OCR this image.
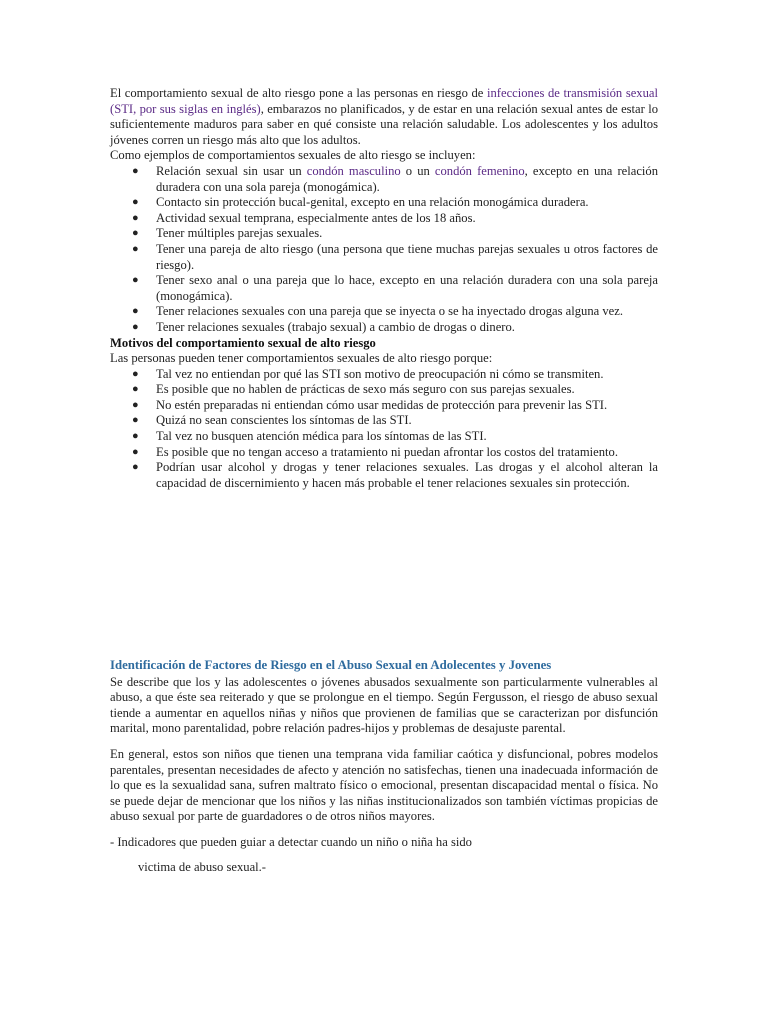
El comportamiento sexual de alto riesgo pone a las personas en riesgo de infecciones de transmisión sexual (STI, por sus siglas en inglés), embarazos no planificados, y de estar en una relación sexual antes de estar lo suficientemente maduros para saber en qué consiste una relación saludable. Los adolescentes y los adultos jóvenes corren un riesgo más alto que los adultos.

Como ejemplos de comportamientos sexuales de alto riesgo se incluyen:

● Relación sexual sin usar un condón masculino o un condón femenino, excepto en una relación duradera con una sola pareja (monogámica).
● Contacto sin protección bucal-genital, excepto en una relación monogámica duradera.
● Actividad sexual temprana, especialmente antes de los 18 años.
● Tener múltiples parejas sexuales.
● Tener una pareja de alto riesgo (una persona que tiene muchas parejas sexuales u otros factores de riesgo).
● Tener sexo anal o una pareja que lo hace, excepto en una relación duradera con una sola pareja (monogámica).
● Tener relaciones sexuales con una pareja que se inyecta o se ha inyectado drogas alguna vez.
● Tener relaciones sexuales (trabajo sexual) a cambio de drogas o dinero.

Motivos del comportamiento sexual de alto riesgo

Las personas pueden tener comportamientos sexuales de alto riesgo porque:

● Tal vez no entiendan por qué las STI son motivo de preocupación ni cómo se transmiten.
● Es posible que no hablen de prácticas de sexo más seguro con sus parejas sexuales.
● No estén preparadas ni entiendan cómo usar medidas de protección para prevenir las STI.
● Quizá no sean conscientes los síntomas de las STI.
● Tal vez no busquen atención médica para los síntomas de las STI.
● Es posible que no tengan acceso a tratamiento ni puedan afrontar los costos del tratamiento.
● Podrían usar alcohol y drogas y tener relaciones sexuales. Las drogas y el alcohol alteran la capacidad de discernimiento y hacen más probable el tener relaciones sexuales sin protección.

Identificación de Factores de Riesgo en el Abuso Sexual en Adolecentes y Jovenes

Se describe que los y las adolescentes o jóvenes abusados sexualmente son particularmente vulnerables al abuso, a que éste sea reiterado y que se prolongue en el tiempo. Según Fergusson, el riesgo de abuso sexual tiende a aumentar en aquellos niñas y niños que provienen de familias que se caracterizan por disfunción marital, mono parentalidad, pobre relación padres-hijos y problemas de desajuste parental.

En general, estos son niños que tienen una temprana vida familiar caótica y disfuncional, pobres modelos parentales, presentan necesidades de afecto y atención no satisfechas, tienen una inadecuada información de lo que es la sexualidad sana, sufren maltrato físico o emocional, presentan discapacidad mental o física. No se puede dejar de mencionar que los niños y las niñas institucionalizados son también víctimas propicias de abuso sexual por parte de guardadores o de otros niños mayores.

- Indicadores que pueden guiar a detectar cuando un niño o niña ha sido

victima de abuso sexual.-
